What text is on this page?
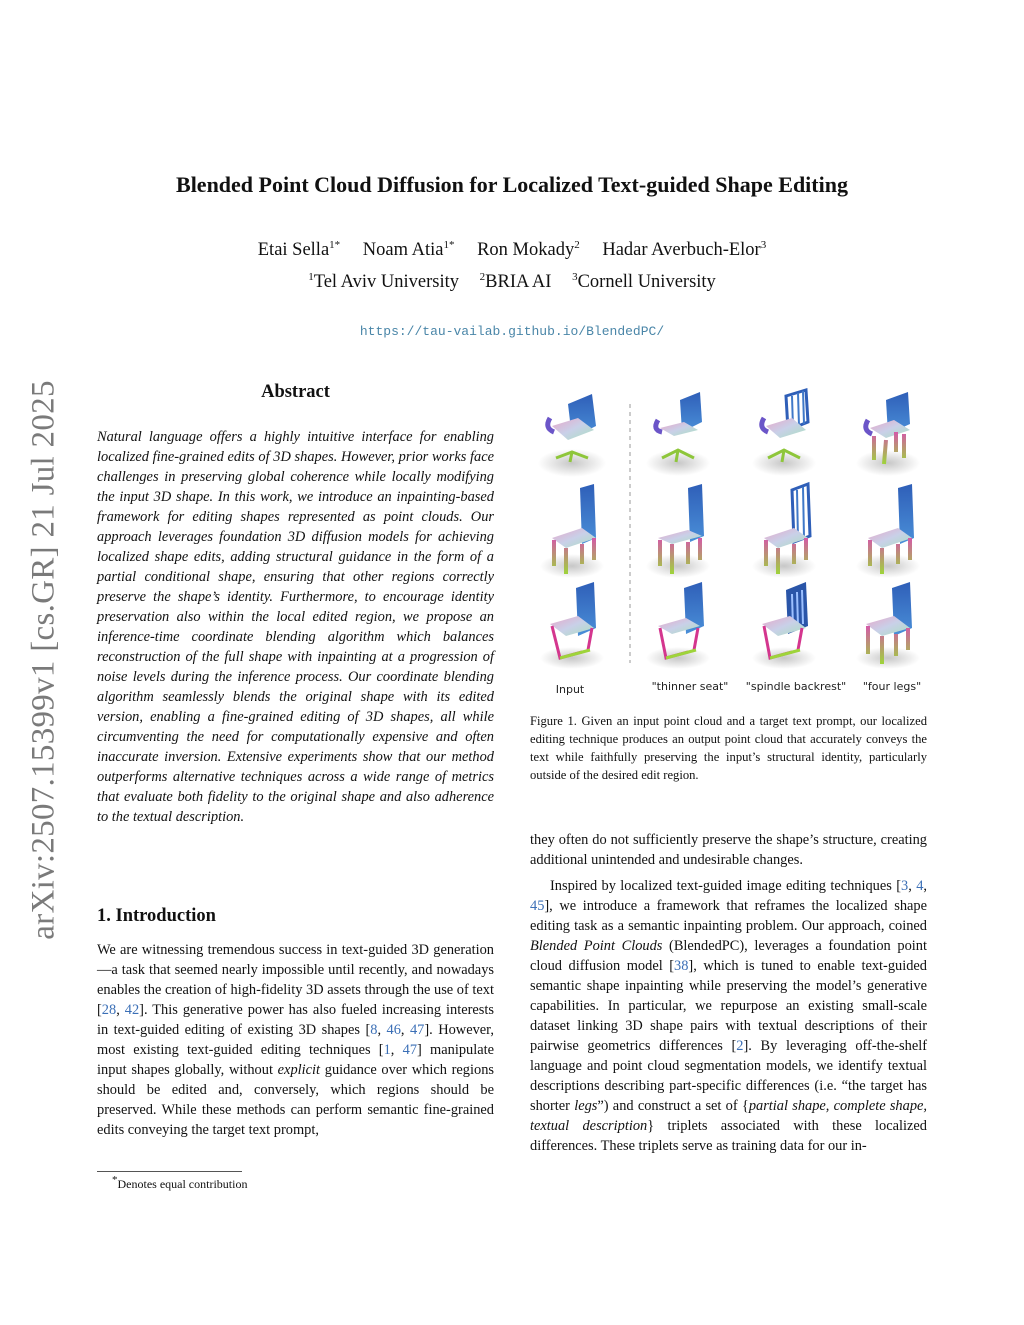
arXiv:2507.15399v1 [cs.GR] 21 Jul 2025
Blended Point Cloud Diffusion for Localized Text-guided Shape Editing
Etai Sella$^{1*}$ Noam Atia$^{1*}$ Ron Mokady$^2$ Hadar Averbuch-Elor$^3$
$^1$Tel Aviv University $^2$BRIA AI $^3$Cornell University
https://tau-vailab.github.io/BlendedPC/
Abstract
Natural language offers a highly intuitive interface for enabling localized fine-grained edits of 3D shapes. However, prior works face challenges in preserving global coherence while locally modifying the input 3D shape. In this work, we introduce an inpainting-based framework for editing shapes represented as point clouds. Our approach leverages foundation 3D diffusion models for achieving localized shape edits, adding structural guidance in the form of a partial conditional shape, ensuring that other regions correctly preserve the shape’s identity. Furthermore, to encourage identity preservation also within the local edited region, we propose an inference-time coordinate blending algorithm which balances reconstruction of the full shape with inpainting at a progression of noise levels during the inference process. Our coordinate blending algorithm seamlessly blends the original shape with its edited version, enabling a fine-grained editing of 3D shapes, all while circumventing the need for computationally expensive and often inaccurate inversion. Extensive experiments show that our method outperforms alternative techniques across a wide range of metrics that evaluate both fidelity to the original shape and also adherence to the textual description.
1. Introduction
We are witnessing tremendous success in text-guided 3D generation—a task that seemed nearly impossible until recently, and nowadays enables the creation of high-fidelity 3D assets through the use of text [28, 42]. This generative power has also fueled increasing interests in text-guided editing of existing 3D shapes [8, 46, 47]. However, most existing text-guided editing techniques [1, 47] manipulate input shapes globally, without explicit guidance over which regions should be edited and, conversely, which regions should be preserved. While these methods can perform semantic fine-grained edits conveying the target text prompt,
*Denotes equal contribution
Input	"thinner seat" "spindle backrest" "four legs"
Figure 1. Given an input point cloud and a target text prompt, our localized editing technique produces an output point cloud that accurately conveys the text while faithfully preserving the input’s structural identity, particularly outside of the desired edit region.

they often do not sufficiently preserve the shape’s structure, creating additional unintended and undesirable changes.

Inspired by localized text-guided image editing techniques [3, 4, 45], we introduce a framework that reframes the localized shape editing task as a semantic inpainting problem. Our approach, coined Blended Point Clouds (BlendedPC), leverages a foundation point cloud diffusion model [38], which is tuned to enable text-guided semantic shape inpainting while preserving the model’s generative capabilities. In particular, we repurpose an existing small-scale dataset linking 3D shape pairs with textual descriptions of their pairwise geometrics differences [2]. By leveraging off-the-shelf language and point cloud segmentation models, we identify textual descriptions describing part-specific differences (i.e. “the target has shorter legs”) and construct a set of {partial shape, complete shape, textual description} triplets associated with these localized differences. These triplets serve as training data for our in-
